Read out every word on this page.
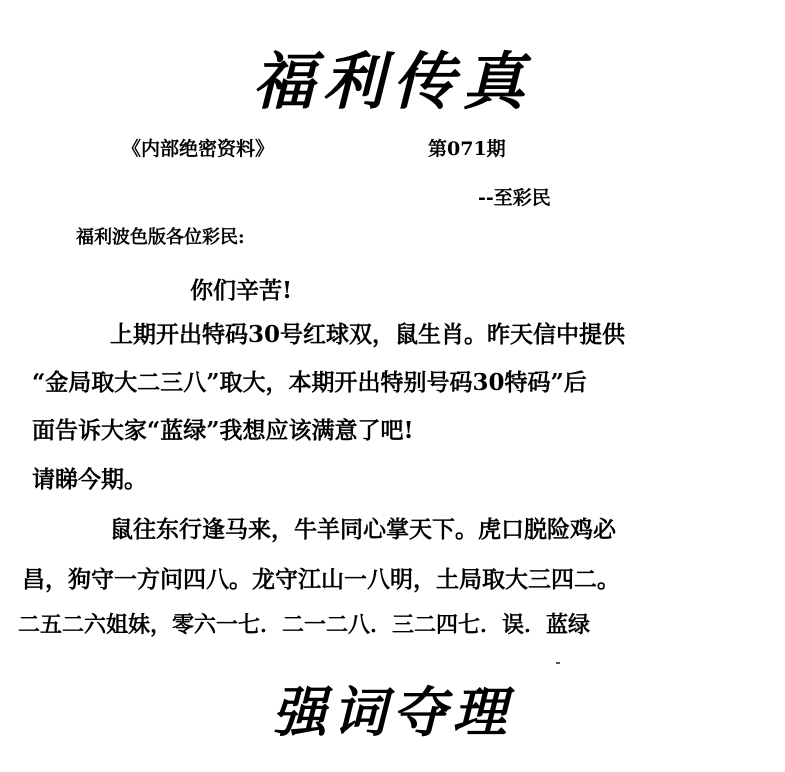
福利传真
《内部绝密资料》	第071期
--至彩民
福利波色版各位彩民:
你们辛苦!
上期开出特码30号红球双，鼠生肖。昨天信中提供
“金局取大二三八”取大，本期开出特别号码30特码”后
面告诉大家“蓝绿”我想应该满意了吧!
请睇今期。
鼠往东行逢马来，牛羊同心掌天下。虎口脱险鸡必
昌，狗守一方问四八。龙守江山一八明，土局取大三四二。
二五二六姐妹，零六一七．二一二八．三二四七．误．蓝绿
强词夺理
